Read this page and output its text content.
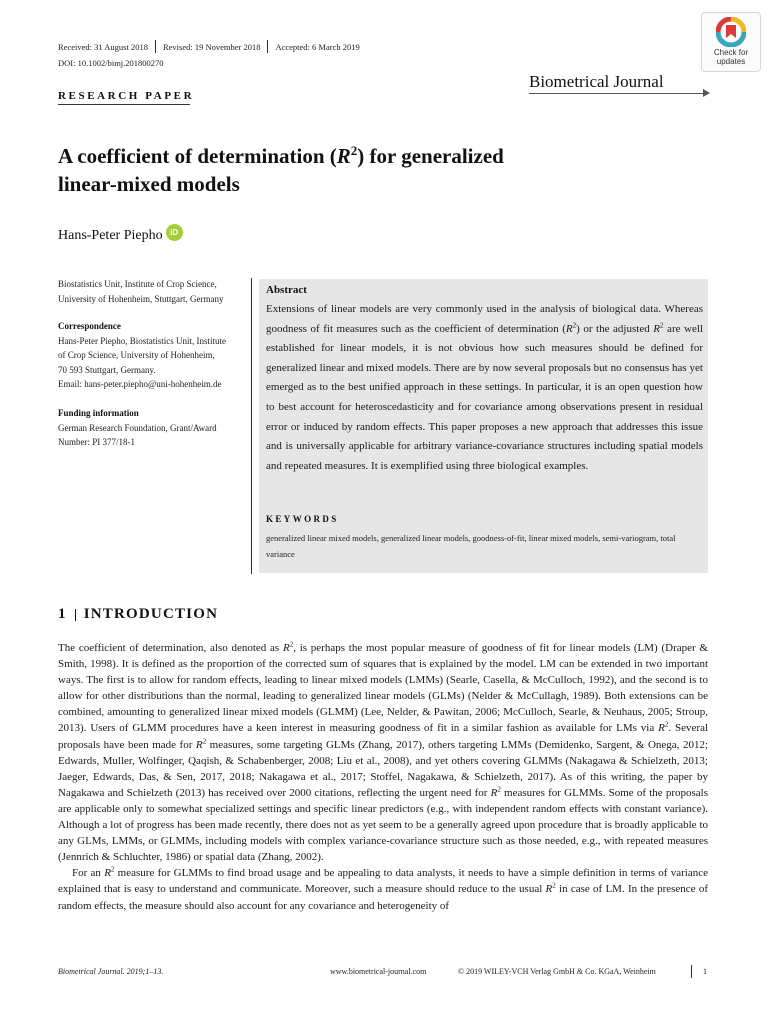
Received: 31 August 2018 Revised: 19 November 2018 Accepted: 6 March 2019
DOI: 10.1002/bimj.201800270
Check for
updates
Biometrical Journal
RESEARCH PAPER
A coefficient of determination $(R^2)$ for generalized
linear-mixed models
Hans-Peter Piepho iD
Biostatistics Unit, Institute of Crop Science,
University of Hohenheim, Stuttgart, Germany
Correspondence
Hans-Peter Piepho, Biostatistics Unit, Institute
of Crop Science, University of Hohenheim,
70 593 Stuttgart, Germany.
Email: hans-peter.piepho@uni-hohenheim.de
Funding information
German Research Foundation, Grant/Award
Number: PI 377/18-1
Abstract
Extensions of linear models are very commonly used in the analysis of biological data. Whereas goodness of fit measures such as the coefficient of determination $(R^2)$ or the adjusted $R^2$ are well established for linear models, it is not obvious how such measures should be defined for generalized linear and mixed models. There are by now several proposals but no consensus has yet emerged as to the best unified approach in these settings. In particular, it is an open question how to best account for heteroscedasticity and for covariance among observations present in residual error or induced by random effects. This paper proposes a new approach that addresses this issue and is universally applicable for arbitrary variance-covariance structures including spatial models and repeated measures. It is exemplified using three biological examples.
KEYWORDS
generalized linear mixed models, generalized linear models, goodness-of-fit, linear mixed models, semi-variogram, total variance
1 INTRODUCTION

The coefficient of determination, also denoted as $R^2$, is perhaps the most popular measure of goodness of fit for linear models (LM) (Draper & Smith, 1998). It is defined as the proportion of the corrected sum of squares that is explained by the model. LM can be extended in two important ways. The first is to allow for random effects, leading to linear mixed models (LMMs) (Searle, Casella, & McCulloch, 1992), and the second is to allow for other distributions than the normal, leading to generalized linear models (GLMs) (Nelder & McCullagh, 1989). Both extensions can be combined, amounting to generalized linear mixed models (GLMM) (Lee, Nelder, & Pawitan, 2006; McCulloch, Searle, & Neuhaus, 2005; Stroup, 2013). Users of GLMM procedures have a keen interest in measuring goodness of fit in a similar fashion as available for LMs via $R^2$. Several proposals have been made for $R^2$ measures, some targeting GLMs (Zhang, 2017), others targeting LMMs (Demidenko, Sargent, & Onega, 2012; Edwards, Muller, Wolfinger, Qaqish, & Schabenberger, 2008; Liu et al., 2008), and yet others covering GLMMs (Nakagawa & Schielzeth, 2013; Jaeger, Edwards, Das, & Sen, 2017, 2018; Nakagawa et al., 2017; Stoffel, Nagakawa, & Schielzeth, 2017). As of this writing, the paper by Nagakawa and Schielzeth (2013) has received over 2000 citations, reflecting the urgent need for $R^2$ measures for GLMMs. Some of the proposals are applicable only to somewhat specialized settings and specific linear predictors (e.g., with independent random effects with constant variance). Although a lot of progress has been made recently, there does not as yet seem to be a generally agreed upon procedure that is broadly applicable to any GLMs, LMMs, or GLMMs, including models with complex variance-covariance structure such as those needed, e.g., with repeated measures (Jennrich & Schluchter, 1986) or spatial data (Zhang, 2002).

For an $R^2$ measure for GLMMs to find broad usage and be appealing to data analysts, it needs to have a simple definition in terms of variance explained that is easy to understand and communicate. Moreover, such a measure should reduce to the usual $R^2$ in case of LM. In the presence of random effects, the measure should also account for any covariance and heterogeneity of

Biometrical Journal. 2019;1–13.	www.biometrical-journal.com	© 2019 WILEY-VCH Verlag GmbH & Co. KGaA, Weinheim	1
